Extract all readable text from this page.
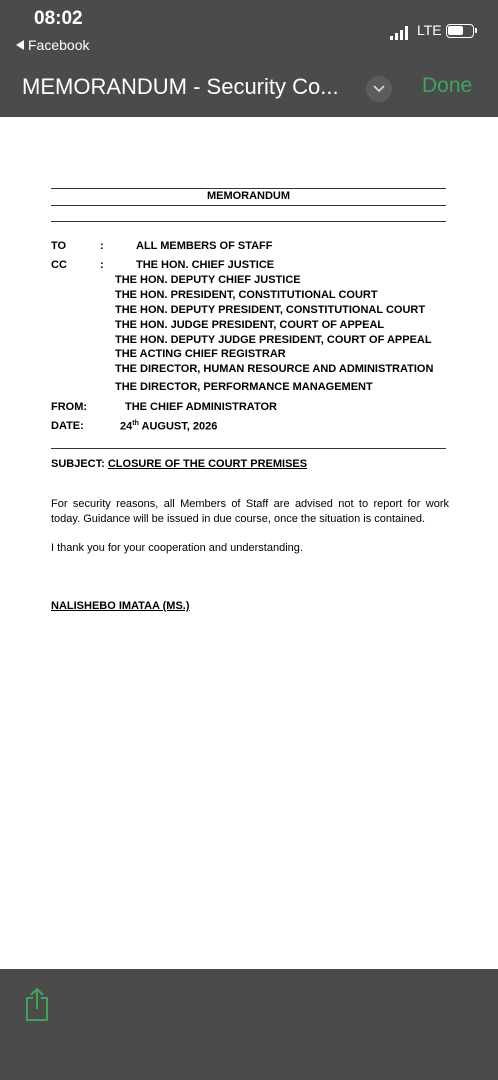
08:02
Facebook
LTE
MEMORANDUM - Security Co...	Done
MEMORANDUM
TO	:	ALL MEMBERS OF STAFF
CC	:	THE HON. CHIEF JUSTICE
THE HON. DEPUTY CHIEF JUSTICE
THE HON. PRESIDENT, CONSTITUTIONAL COURT
THE HON. DEPUTY PRESIDENT, CONSTITUTIONAL COURT
THE HON. JUDGE PRESIDENT, COURT OF APPEAL
THE HON. DEPUTY JUDGE PRESIDENT, COURT OF APPEAL
THE ACTING CHIEF REGISTRAR
THE DIRECTOR, HUMAN RESOURCE AND ADMINISTRATION
THE DIRECTOR, PERFORMANCE MANAGEMENT
FROM:	THE CHIEF ADMINISTRATOR
DATE:	24th AUGUST, 2026
SUBJECT: CLOSURE OF THE COURT PREMISES
For security reasons, all Members of Staff are advised not to report for work today. Guidance will be issued in due course, once the situation is contained.
I thank you for your cooperation and understanding.
NALISHEBO IMATAA (MS.)
